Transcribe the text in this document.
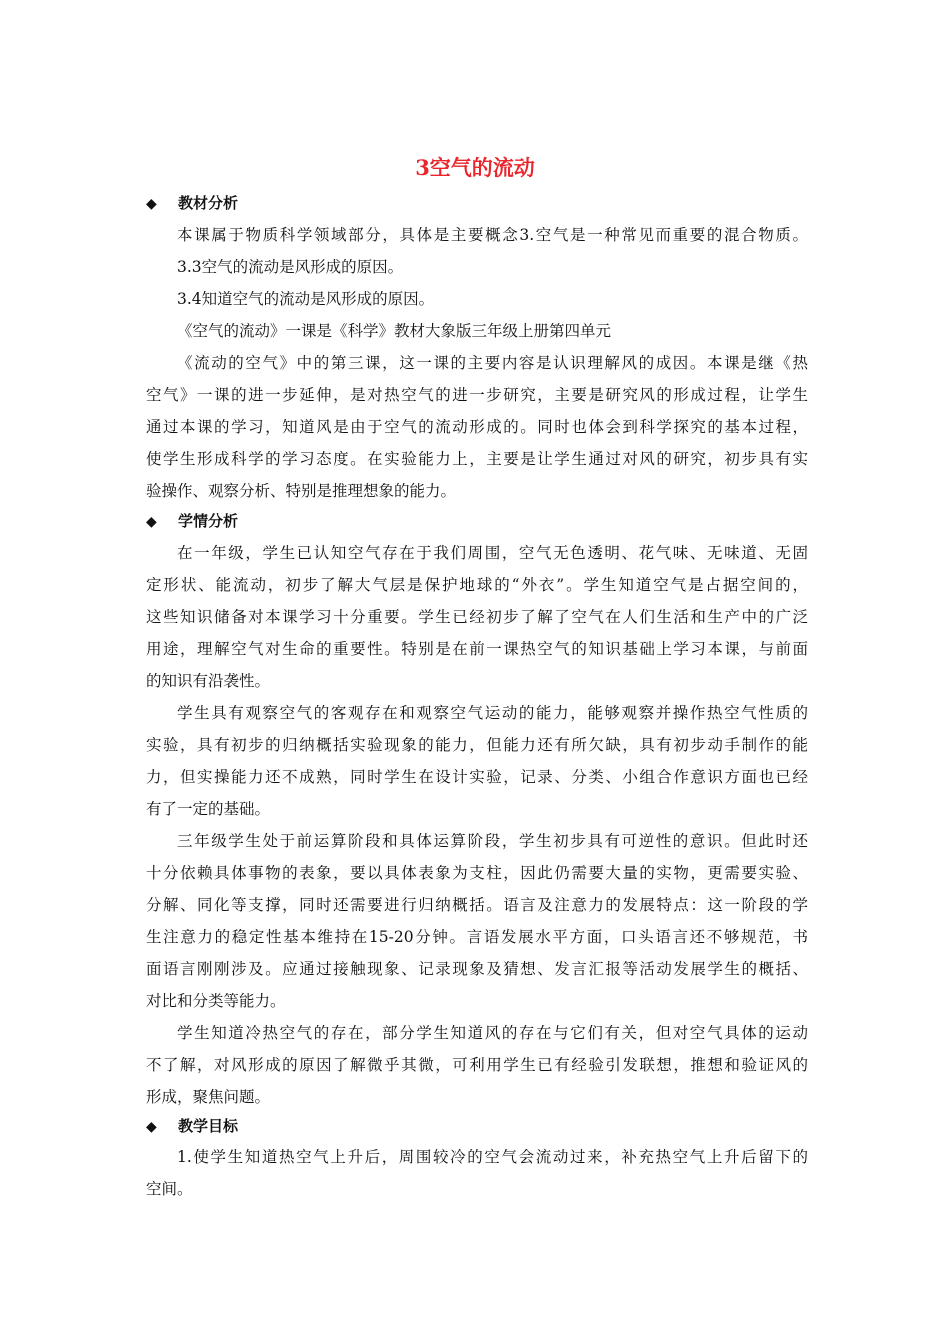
3空气的流动
◆ 教材分析
本课属于物质科学领域部分，具体是主要概念3.空气是一种常见而重要的混合物质。
3.3空气的流动是风形成的原因。
3.4知道空气的流动是风形成的原因。
《空气的流动》一课是《科学》教材大象版三年级上册第四单元
《流动的空气》中的第三课，这一课的主要内容是认识理解风的成因。本课是继《热
空气》一课的进一步延伸，是对热空气的进一步研究，主要是研究风的形成过程，让学生
通过本课的学习，知道风是由于空气的流动形成的。同时也体会到科学探究的基本过程，
使学生形成科学的学习态度。在实验能力上，主要是让学生通过对风的研究，初步具有实
验操作、观察分析、特别是推理想象的能力。
◆ 学情分析
在一年级，学生已认知空气存在于我们周围，空气无色透明、花气味、无味道、无固
定形状、能流动，初步了解大气层是保护地球的“外衣”。学生知道空气是占据空间的，
这些知识储备对本课学习十分重要。学生已经初步了解了空气在人们生活和生产中的广泛
用途，理解空气对生命的重要性。特别是在前一课热空气的知识基础上学习本课，与前面
的知识有沿袭性。
学生具有观察空气的客观存在和观察空气运动的能力，能够观察并操作热空气性质的
实验，具有初步的归纳概括实验现象的能力，但能力还有所欠缺，具有初步动手制作的能
力，但实操能力还不成熟，同时学生在设计实验，记录、分类、小组合作意识方面也已经
有了一定的基础。
三年级学生处于前运算阶段和具体运算阶段，学生初步具有可逆性的意识。但此时还
十分依赖具体事物的表象，要以具体表象为支柱，因此仍需要大量的实物，更需要实验、
分解、同化等支撑，同时还需要进行归纳概括。语言及注意力的发展特点：这一阶段的学
生注意力的稳定性基本维持在15-20分钟。言语发展水平方面，口头语言还不够规范，书
面语言刚刚涉及。应通过接触现象、记录现象及猜想、发言汇报等活动发展学生的概括、
对比和分类等能力。
学生知道冷热空气的存在，部分学生知道风的存在与它们有关，但对空气具体的运动
不了解，对风形成的原因了解微乎其微，可利用学生已有经验引发联想，推想和验证风的
形成，聚焦问题。
◆ 教学目标
1.使学生知道热空气上升后，周围较冷的空气会流动过来，补充热空气上升后留下的
空间。
